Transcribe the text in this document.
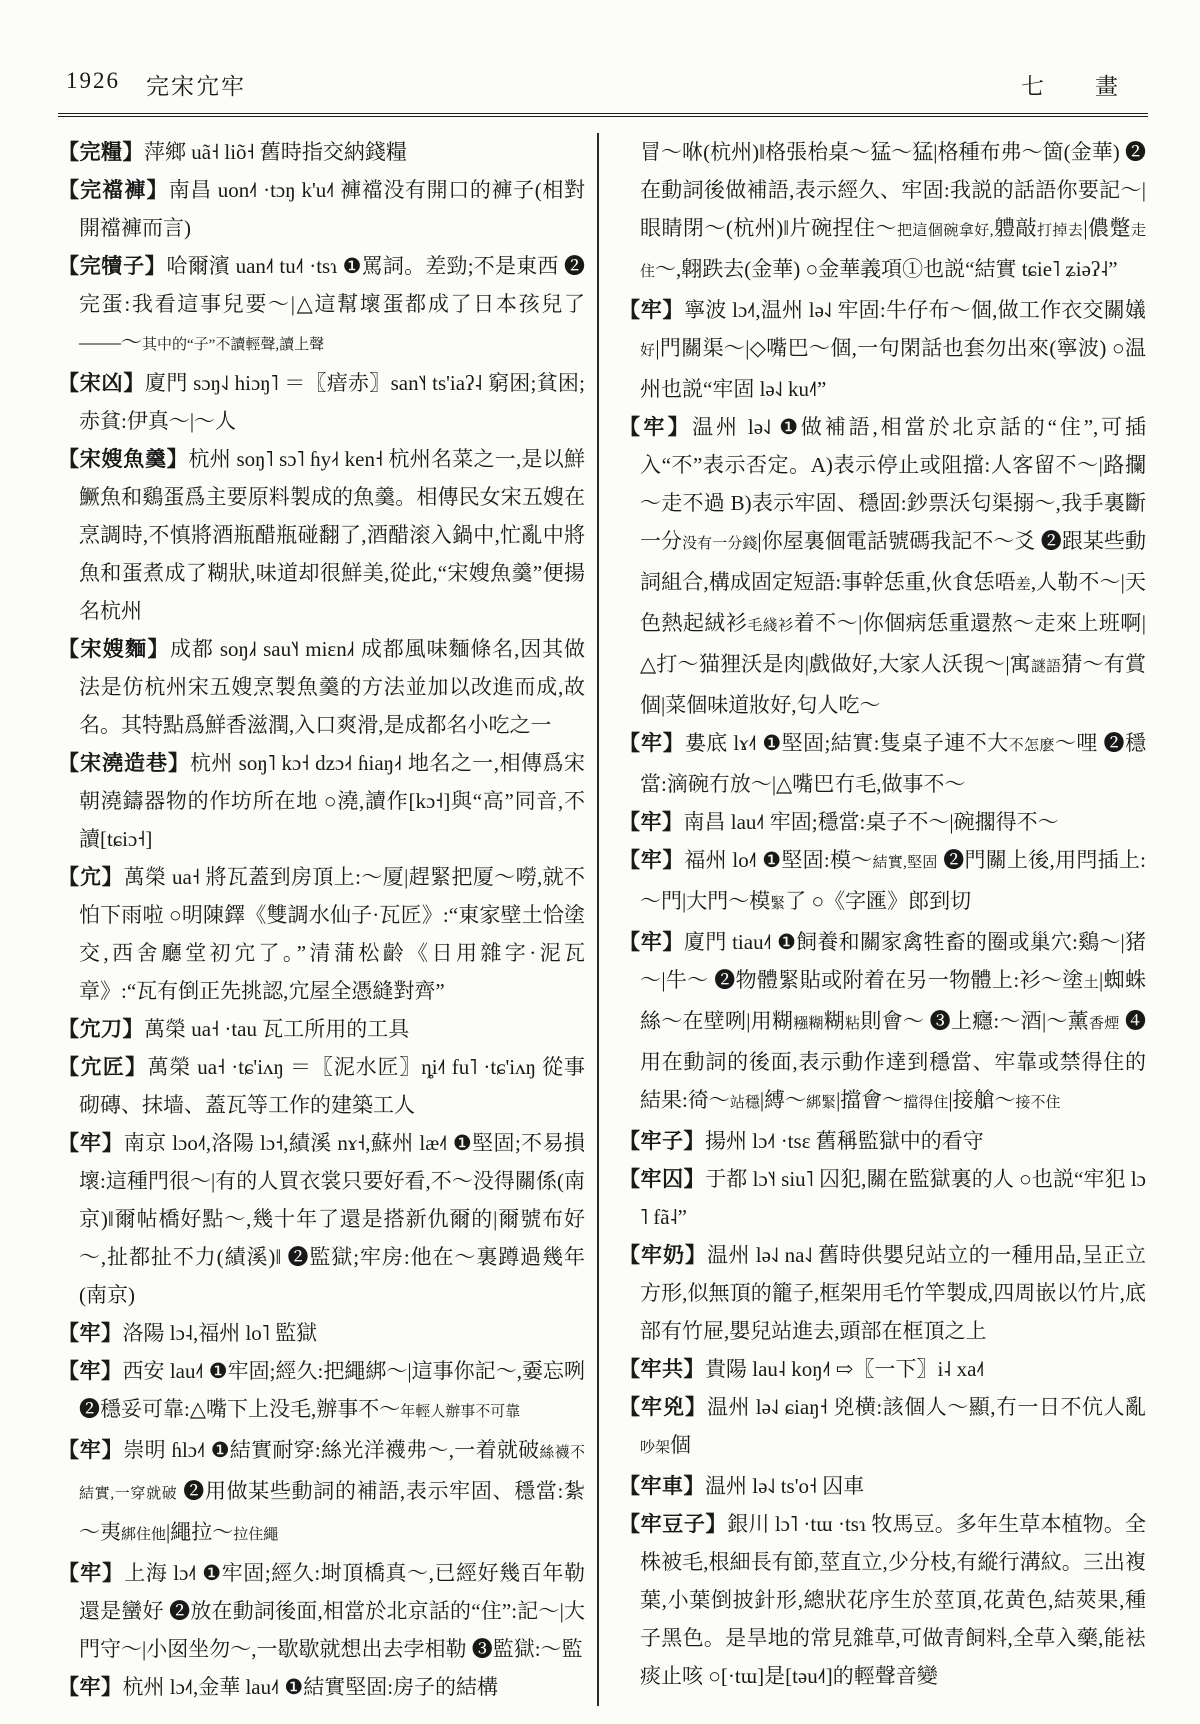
1926 完宋宂牢	七　畫

【完糧】萍鄉 uã˧ liõ˧ 舊時指交納錢糧

【完襠褲】南昌 uon˨˦ ·tɔŋ k'u˨˦ 褲襠没有開口的褲子(相對開襠褲而言)

【完犢子】哈爾濱 uan˨˦ tu˨˦ ·tsɿ ❶罵詞。差勁;不是東西 ❷完蛋:我看這事兒要～|△這幫壞蛋都成了日本孩兒了——～其中的“子”不讀輕聲,讀上聲

【宋凶】廈門 sɔŋ˨˩ hiɔŋ˥ ＝〖瘖赤〗san˥˧ ts'iaʔ˨ 窮困;貧困;赤貧:伊真～|～人

【宋嫂魚羹】杭州 soŋ˥ sɔ˥ ɦy˨˧ ken˧ 杭州名菜之一,是以鮮鱖魚和鷄蛋爲主要原料製成的魚羹。相傳民女宋五嫂在烹調時,不慎將酒瓶醋瓶碰翻了,酒醋滚入鍋中,忙亂中將魚和蛋煮成了糊狀,味道却很鮮美,從此,“宋嫂魚羹”便揚名杭州

【宋嫂麵】成都 soŋ˩˧ sau˥˧ miɛn˩˧ 成都風味麵條名,因其做法是仿杭州宋五嫂烹製魚羹的方法並加以改進而成,故名。其特點爲鮮香滋潤,入口爽滑,是成都名小吃之一

【宋澆造巷】杭州 soŋ˥ kɔ˧ dzɔ˨˧ ɦiaŋ˨˧ 地名之一,相傳爲宋朝澆鑄器物的作坊所在地 ○澆,讀作[kɔ˧]與“高”同音,不讀[tɕiɔ˧]

【宂】萬榮 ua˧ 將瓦蓋到房頂上:～厦|趕緊把厦～嘮,就不怕下雨啦 ○明陳鐸《雙調水仙子·瓦匠》:“東家壁土恰塗交,西舍廳堂初宂了。”清蒲松齡《日用雜字·泥瓦章》:“瓦有倒正先挑認,宂屋全憑縫對齊”

【宂刀】萬榮 ua˧ ·tau 瓦工所用的工具

【宂匠】萬榮 ua˧ ·tɕ'iʌŋ ＝〖泥水匠〗ȵi˨˦ fu˥ ·tɕ'iʌŋ 從事砌磚、抹墙、蓋瓦等工作的建築工人

【牢】南京 lɔo˨˦,洛陽 lɔ˧,績溪 nɤ˧,蘇州 læ˨˦ ❶堅固;不易損壞:這種門很～|有的人買衣裳只要好看,不～没得關係(南京)‖爾帖橋好點～,幾十年了還是搭新仇爾的|爾號布好～,扯都扯不力(績溪)‖ ❷監獄;牢房:他在～裏蹲過幾年(南京)

【牢】洛陽 lɔ˨,福州 lo˥ 監獄

【牢】西安 lau˨˦ ❶牢固;經久:把繩綁～|這事你記～,嫑忘咧 ❷穩妥可靠:△嘴下上没毛,辦事不～年輕人辦事不可靠

【牢】崇明 ɦlɔ˨˦ ❶結實耐穿:絲光洋襪弗～,一着就破絲襪不結實,一穿就破 ❷用做某些動詞的補語,表示牢固、穩當:紮～夷綁住他|繩拉～拉住繩

【牢】上海 lɔ˨˦ ❶牢固;經久:埘頂橋真～,已經好幾百年勒還是蠻好 ❷放在動詞後面,相當於北京話的“住”:記～|大門守～|小囡坐勿～,一歇歇就想出去孛相勒 ❸監獄:～監

【牢】杭州 lɔ˨˦,金華 lau˨˦ ❶結實堅固:房子的結構

冒～咻(杭州)‖格張枱桌～猛～猛|格種布弗～箇(金華) ❷在動詞後做補語,表示經久、牢固:我説的話語你要記～|眼睛閉～(杭州)‖片碗捏住～把這個碗拿好,軆敲打掉去|儂蹩走住～,翺跌去(金華) ○金華義項①也説“結實 tɕie˥ ʑiəʔ˨”

【牢】寧波 lɔ˨˦,温州 lə˨˩ 牢固:牛仔布～個,做工作衣交關嬟好|門關渠～|◇嘴巴～個,一句閑話也套勿出來(寧波) ○温州也説“牢固 lə˨˩ ku˨˥”

【牢】温州 lə˨˩ ❶做補語,相當於北京話的“住”,可插入“不”表示否定。A)表示停止或阻擋:人客留不～|路攔～走不過 B)表示牢固、穩固:鈔票沃匂渠搦～,我手裏斷一分没有一分錢|你屋裏個電話號碼我記不～爻 ❷跟某些動詞組合,構成固定短語:事幹恁重,伙食恁唔差,人勒不～|天色熱起絨衫毛綫衫着不～|你個病恁重還熬～走來上班啊|△打～猫狸沃是肉|戲做好,大家人沃覒～|寓謎語猜～有賞個|菜個味道妝好,匂人吃～

【牢】婁底 lɤ˨˦ ❶堅固;結實:隻桌子連不大不怎麽～哩 ❷穩當:滴碗冇放～|△嘴巴冇毛,做事不～

【牢】南昌 lau˨˦ 牢固;穩當:桌子不～|碗擱得不～

【牢】福州 lo˨˥ ❶堅固:模～結實,堅固 ❷門關上後,用閂插上:～門|大門～模緊了 ○《字匯》郎到切

【牢】廈門 tiau˨˦ ❶飼養和關家禽牲畜的圈或巢穴:鷄～|猪～|牛～ ❷物體緊貼或附着在另一物體上:衫～塗土|蜘蛛絲～在壁咧|用糊糨糊糊粘則會～ ❸上癮:～酒|～薰香煙 ❹用在動詞的後面,表示動作達到穩當、牢靠或禁得住的結果:徛～站穩|縛～綁緊|擋會～擋得住|接艙～接不住

【牢子】揚州 lɔ˨˦ ·tsɛ 舊稱監獄中的看守

【牢囚】于都 lɔ˥˧ siu˥ 囚犯,關在監獄裏的人 ○也説“牢犯 lɔ˥ fã˨”

【牢奶】温州 lə˨˩ na˨˩ 舊時供嬰兒站立的一種用品,呈正立方形,似無頂的籠子,框架用毛竹竿製成,四周嵌以竹片,底部有竹屉,嬰兒站進去,頭部在框頂之上

【牢共】貴陽 lau˨ koŋ˨˦ ⇨〖一下〗i˨ xa˨˦

【牢兇】温州 lə˨˩ ɕiaŋ˧ 兇横:該個人～顯,冇一日不伉人亂吵架個

【牢車】温州 lə˨˩ ts'o˧ 囚車

【牢豆子】銀川 lɔ˥ ·tɯ ·tsɿ 牧馬豆。多年生草本植物。全株被毛,根細長有節,莖直立,少分枝,有縱行溝紋。三出複葉,小葉倒披針形,總狀花序生於莖頂,花黄色,結莢果,種子黑色。是旱地的常見雜草,可做青飼料,全草入藥,能袪痰止咳 ○[·tɯ]是[təu˨˦]的輕聲音變
